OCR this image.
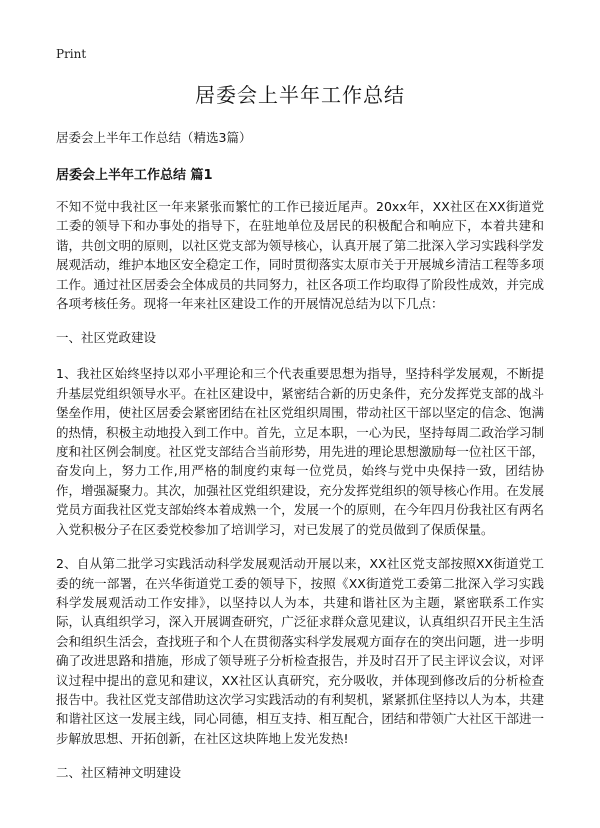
Print
居委会上半年工作总结

居委会上半年工作总结（精选3篇）

居委会上半年工作总结 篇1

不知不觉中我社区一年来紧张而繁忙的工作已接近尾声。20xx年，XX社区在XX街道党工委的领导下和办事处的指导下，在驻地单位及居民的积极配合和响应下，本着共建和谐，共创文明的原则，以社区党支部为领导核心，认真开展了第二批深入学习实践科学发展观活动，维护本地区安全稳定工作，同时贯彻落实太原市关于开展城乡清洁工程等多项工作。通过社区居委会全体成员的共同努力，社区各项工作均取得了阶段性成效，并完成各项考核任务。现将一年来社区建设工作的开展情况总结为以下几点：

一、社区党政建设

1、我社区始终坚持以邓小平理论和三个代表重要思想为指导，坚持科学发展观，不断提升基层党组织领导水平。在社区建设中，紧密结合新的历史条件，充分发挥党支部的战斗堡垒作用，使社区居委会紧密团结在社区党组织周围，带动社区干部以坚定的信念、饱满的热情，积极主动地投入到工作中。首先，立足本职，一心为民，坚持每周二政治学习制度和社区例会制度。社区党支部结合当前形势，用先进的理论思想激励每一位社区干部，奋发向上，努力工作,用严格的制度约束每一位党员，始终与党中央保持一致，团结协作，增强凝聚力。其次，加强社区党组织建设，充分发挥党组织的领导核心作用。在发展党员方面我社区党支部始终本着成熟一个，发展一个的原则，在今年四月份我社区有两名入党积极分子在区委党校参加了培训学习，对已发展了的党员做到了保质保量。

2、自从第二批学习实践活动科学发展观活动开展以来，XX社区党支部按照XX街道党工委的统一部署，在兴华街道党工委的领导下，按照《XX街道党工委第二批深入学习实践科学发展观活动工作安排》，以坚持以人为本，共建和谐社区为主题，紧密联系工作实际，认真组织学习，深入开展调查研究，广泛征求群众意见建议，认真组织召开民主生活会和组织生活会，查找班子和个人在贯彻落实科学发展观方面存在的突出问题，进一步明确了改进思路和措施，形成了领导班子分析检查报告，并及时召开了民主评议会议，对评议过程中提出的意见和建议，XX社区认真研究，充分吸收，并体现到修改后的分析检查报告中。我社区党支部借助这次学习实践活动的有利契机，紧紧抓住坚持以人为本，共建和谐社区这一发展主线，同心同德，相互支持、相互配合，团结和带领广大社区干部进一步解放思想、开拓创新，在社区这块阵地上发光发热!

二、社区精神文明建设
